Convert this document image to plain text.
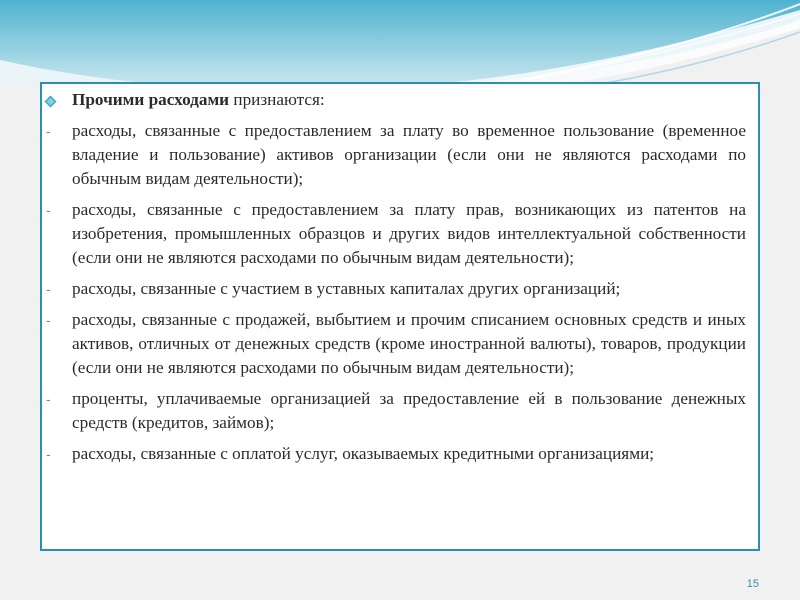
Прочими расходами признаются:

- расходы, связанные с предоставлением за плату во временное пользование (временное владение и пользование) активов организации (если они не являются расходами по обычным видам деятельности);

- расходы, связанные с предоставлением за плату прав, возникающих из патентов на изобретения, промышленных образцов и других видов интеллектуальной собственности (если они не являются расходами по обычным видам деятельности);

- расходы, связанные с участием в уставных капиталах других организаций;

- расходы, связанные с продажей, выбытием и прочим списанием основных средств и иных активов, отличных от денежных средств (кроме иностранной валюты), товаров, продукции (если они не являются расходами по обычным видам деятельности);

- проценты, уплачиваемые организацией за предоставление ей в пользование денежных средств (кредитов, займов);

- расходы, связанные с оплатой услуг, оказываемых кредитными организациями;

15
